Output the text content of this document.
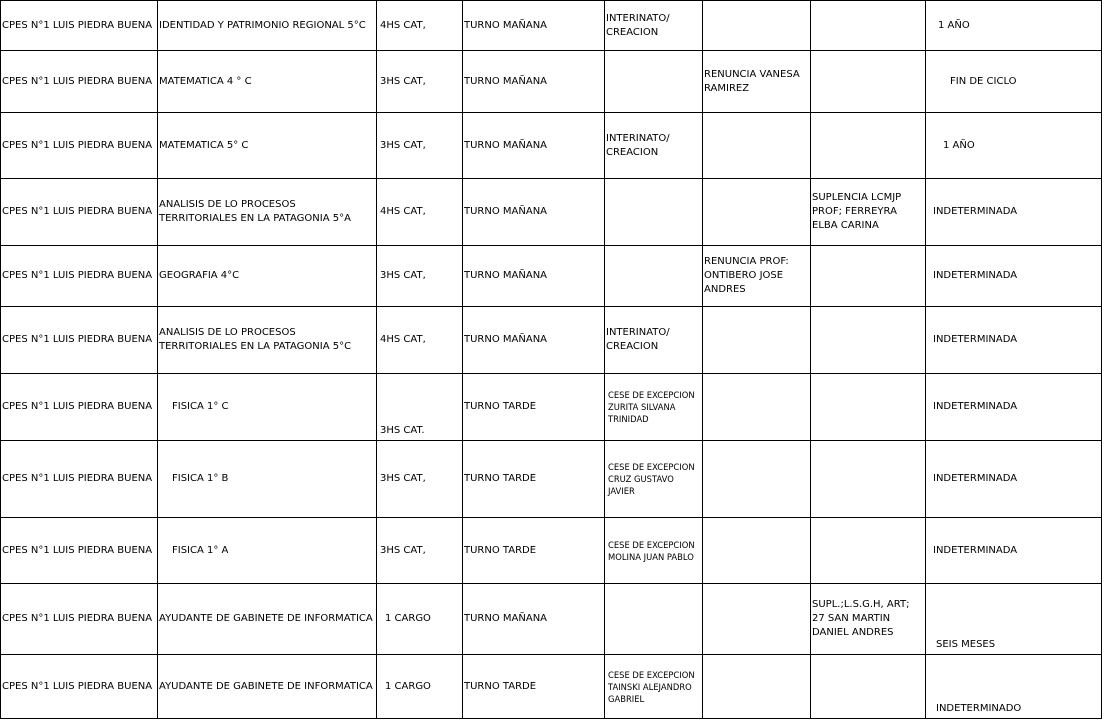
CPES N°1 LUIS PIEDRA BUENA	IDENTIDAD Y PATRIMONIO REGIONAL 5°C	4HS CAT,	TURNO MAÑANA	INTERINATO/ CREACION			1 AÑO
CPES N°1 LUIS PIEDRA BUENA	MATEMATICA 4 ° C	3HS CAT,	TURNO MAÑANA		RENUNCIA VANESA RAMIREZ		FIN DE CICLO
CPES N°1 LUIS PIEDRA BUENA	MATEMATICA 5° C	3HS CAT,	TURNO MAÑANA	INTERINATO/ CREACION			1 AÑO
CPES N°1 LUIS PIEDRA BUENA	ANALISIS DE LO PROCESOS TERRITORIALES EN LA PATAGONIA 5°A	4HS CAT,	TURNO MAÑANA			SUPLENCIA LCMJP PROF; FERREYRA ELBA CARINA	INDETERMINADA
CPES N°1 LUIS PIEDRA BUENA	GEOGRAFIA 4°C	3HS CAT,	TURNO MAÑANA		RENUNCIA PROF: ONTIBERO JOSE ANDRES		INDETERMINADA
CPES N°1 LUIS PIEDRA BUENA	ANALISIS DE LO PROCESOS TERRITORIALES EN LA PATAGONIA 5°C	4HS CAT,	TURNO MAÑANA	INTERINATO/ CREACION			INDETERMINADA
CPES N°1 LUIS PIEDRA BUENA	FISICA 1° C	3HS CAT.	TURNO TARDE	CESE DE EXCEPCION ZURITA SILVANA TRINIDAD			INDETERMINADA
CPES N°1 LUIS PIEDRA BUENA	FISICA 1° B	3HS CAT,	TURNO TARDE	CESE DE EXCEPCION CRUZ GUSTAVO JAVIER			INDETERMINADA
CPES N°1 LUIS PIEDRA BUENA	FISICA 1° A	3HS CAT,	TURNO TARDE	CESE DE EXCEPCION MOLINA JUAN PABLO			INDETERMINADA
CPES N°1 LUIS PIEDRA BUENA	AYUDANTE DE GABINETE DE INFORMATICA	1 CARGO	TURNO MAÑANA			SUPL.;L.S.G.H, ART; 27 SAN MARTIN DANIEL ANDRES	SEIS MESES
CPES N°1 LUIS PIEDRA BUENA	AYUDANTE DE GABINETE DE INFORMATICA	1 CARGO	TURNO TARDE	CESE DE EXCEPCION TAINSKI ALEJANDRO GABRIEL			INDETERMINADO
